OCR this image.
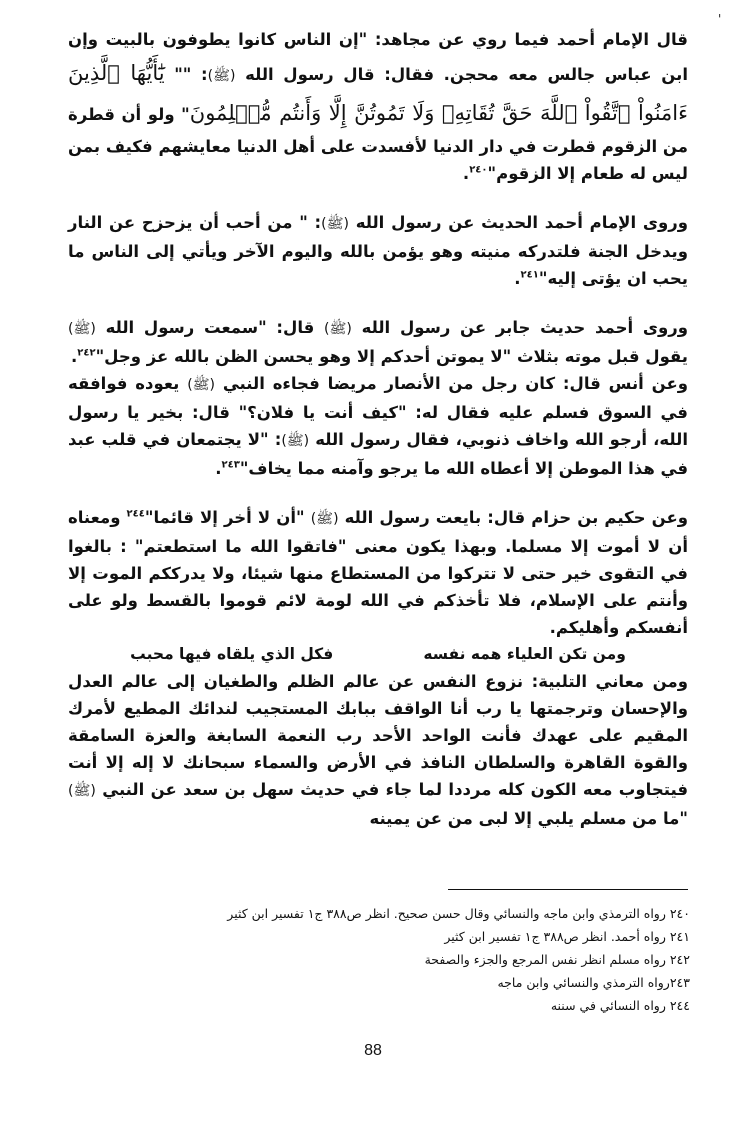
'

قال الإمام أحمد فيما روي عن مجاهد: "إن الناس كانوا يطوفون بالبيت وإن ابن عباس جالس معه محجن. فقال: قال رسول الله (ﷺ): "" يَٰٓأَيُّهَا ٱلَّذِينَ ءَامَنُواْ ٱتَّقُواْ ٱللَّهَ حَقَّ تُقَاتِهِۦ وَلَا تَمُوتُنَّ إِلَّا وَأَنتُم مُّسۡلِمُونَ" ولو أن قطرة من الزقوم قطرت في دار الدنيا لأفسدت على أهل الدنيا معايشهم فكيف بمن ليس له طعام إلا الزقوم"$^{٢٤٠}$.

وروى الإمام أحمد الحديث عن رسول الله (ﷺ): " من أحب أن يزحزح عن النار ويدخل الجنة فلتدركه منيته وهو يؤمن بالله واليوم الآخر ويأتي إلى الناس ما يحب ان يؤتى إليه"$^{٢٤١}$.

وروى أحمد حديث جابر عن رسول الله (ﷺ) قال: "سمعت رسول الله (ﷺ) يقول قبل موته بثلاث "لا يموتن أحدكم إلا وهو يحسن الظن بالله عز وجل"$^{٢٤٢}$.

وعن أنس قال: كان رجل من الأنصار مريضا فجاءه النبي (ﷺ) يعوده فوافقه في السوق فسلم عليه فقال له: "كيف أنت يا فلان؟" قال: بخير يا رسول الله، أرجو الله واخاف ذنوبي، فقال رسول الله (ﷺ): "لا يجتمعان في قلب عبد في هذا الموطن إلا أعطاه الله ما يرجو وآمنه مما يخاف"$^{٢٤٣}$.

وعن حكيم بن حزام قال: بايعت رسول الله (ﷺ) "أن لا أخر إلا قائما"$^{٢٤٤}$ ومعناه أن لا أموت إلا مسلما. وبهذا يكون معنى "فاتقوا الله ما استطعتم" : بالغوا في التقوى خير حتى لا تتركوا من المستطاع منها شيئا، ولا يدرككم الموت إلا وأنتم على الإسلام، فلا تأخذكم في الله لومة لائم قوموا بالقسط ولو على أنفسكم وأهليكم.

ومن تكن العلياء همه نفسه
فكل الذي يلقاه فيها محبب

ومن معاني التلبية: نزوع النفس عن عالم الظلم والطغيان إلى عالم العدل والإحسان وترجمتها يا رب أنا الواقف ببابك المستجيب لندائك المطيع لأمرك المقيم على عهدك فأنت الواحد الأحد رب النعمة السابغة والعزة السامقة والقوة القاهرة والسلطان النافذ في الأرض والسماء سبحانك لا إله إلا أنت فيتجاوب معه الكون كله مرددا لما جاء في حديث سهل بن سعد عن النبي (ﷺ) "ما من مسلم يلبي إلا لبى من عن يمينه

٢٤٠ رواه الترمذي وابن ماجه والنسائي وقال حسن صحيح. انظر ص٣٨٨ ج١ تفسير ابن كثير
٢٤١ رواه أحمد. انظر ص٣٨٨ ج١ تفسير ابن كثير
٢٤٢ رواه مسلم انظر نفس المرجع والجزء والصفحة
٢٤٣رواه الترمذي والنسائي وابن ماجه
٢٤٤ رواه النسائي في سننه
88
